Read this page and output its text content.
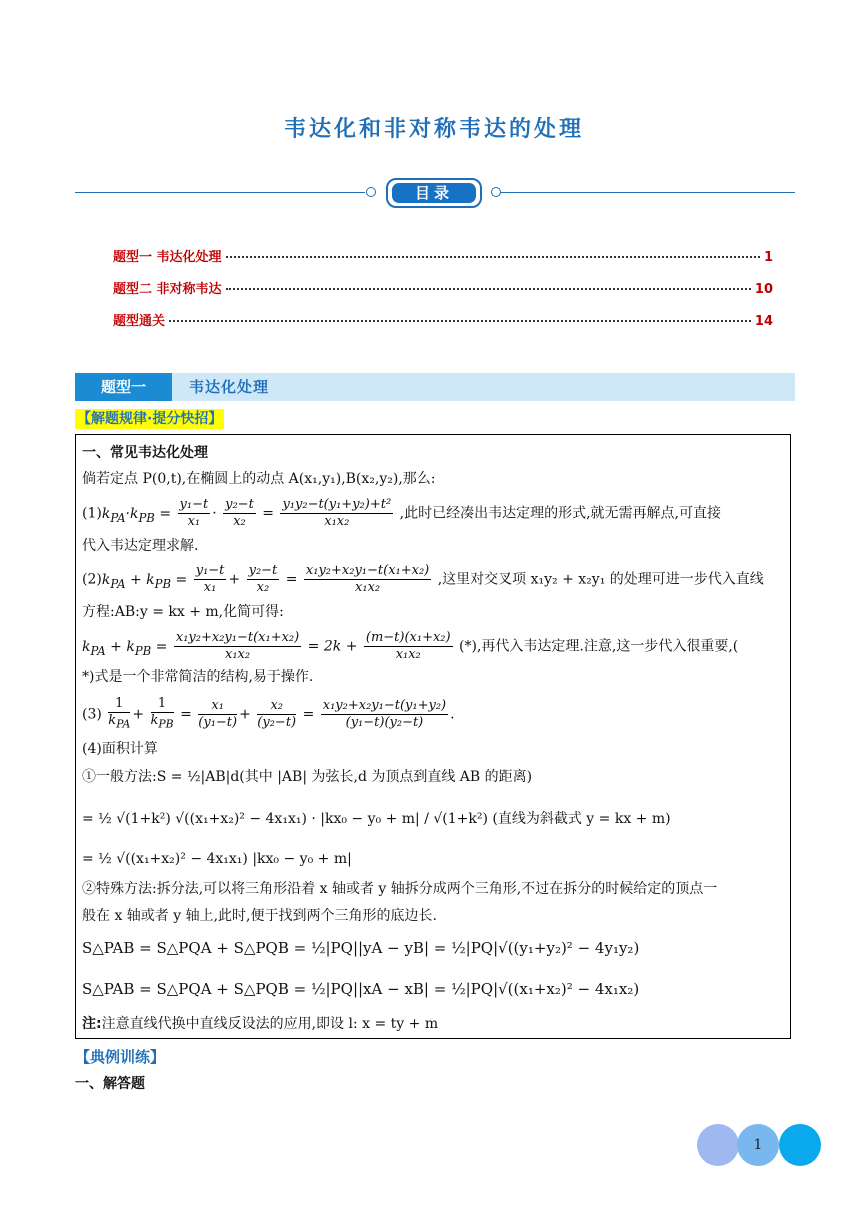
韦达化和非对称韦达的处理
目录
题型一 韦达化处理	1
题型二 非对称韦达	10
题型通关	14
题型一	韦达化处理
【解题规律·提分快招】
一、常见韦达化处理
倘若定点 P(0,t),在椭圆上的动点 A(x₁,y₁),B(x₂,y₂),那么:
$(1)k_{PA}\cdot k_{PB} = \frac{\text{y₁−t}}{\text{x₁}} \cdot \frac{\text{y₂−t}}{\text{x₂}} = \frac{\text{y₁y₂−t(y₁+y₂)+t²}}{\text{x₁x₂}}$ ,此时已经凑出韦达定理的形式,就无需再解点,可直接
代入韦达定理求解.
$(2)k_{PA} + k_{PB} = \frac{\text{y₁−t}}{\text{x₁}} + \frac{\text{y₂−t}}{\text{x₂}} = \frac{\text{x₁y₂+x₂y₁−t(x₁+x₂)}}{\text{x₁x₂}}$ ,这里对交叉项 x₁y₂ + x₂y₁ 的处理可进一步代入直线
方程:AB:y = kx + m,化简可得:
$k_{PA} + k_{PB} = \frac{\text{x₁y₂+x₂y₁−t(x₁+x₂)}}{\text{x₁x₂}} = 2k + \frac{\text{(m−t)(x₁+x₂)}}{\text{x₁x₂}}$ (*),再代入韦达定理.注意,这一步代入很重要,(
*)式是一个非常简洁的结构,易于操作.
$(3) \frac{1}{k_{PA}} + \frac{1}{k_{PB}} = \frac{\text{x₁}}{\text{(y₁−t)}} + \frac{\text{x₂}}{\text{(y₂−t)}} = \frac{\text{x₁y₂+x₂y₁−t(y₁+y₂)}}{\text{(y₁−t)(y₂−t)}}$ .
(4)面积计算
①一般方法:S = ½|AB|d(其中 |AB| 为弦长,d 为顶点到直线 AB 的距离)
= ½ √(1+k²) √((x₁+x₂)² − 4x₁x₁) · |kx₀ − y₀ + m| / √(1+k²) (直线为斜截式 y = kx + m)
= ½ √((x₁+x₂)² − 4x₁x₁) |kx₀ − y₀ + m|
②特殊方法:拆分法,可以将三角形沿着 x 轴或者 y 轴拆分成两个三角形,不过在拆分的时候给定的顶点一
般在 x 轴或者 y 轴上,此时,便于找到两个三角形的底边长.
S△PAB = S△PQA + S△PQB = ½|PQ||yA − yB| = ½|PQ|√((y₁+y₂)² − 4y₁y₂)
S△PAB = S△PQA + S△PQB = ½|PQ||xA − xB| = ½|PQ|√((x₁+x₂)² − 4x₁x₂)
注:注意直线代换中直线反设法的应用,即设 l: x = ty + m
【典例训练】
一、解答题
1
